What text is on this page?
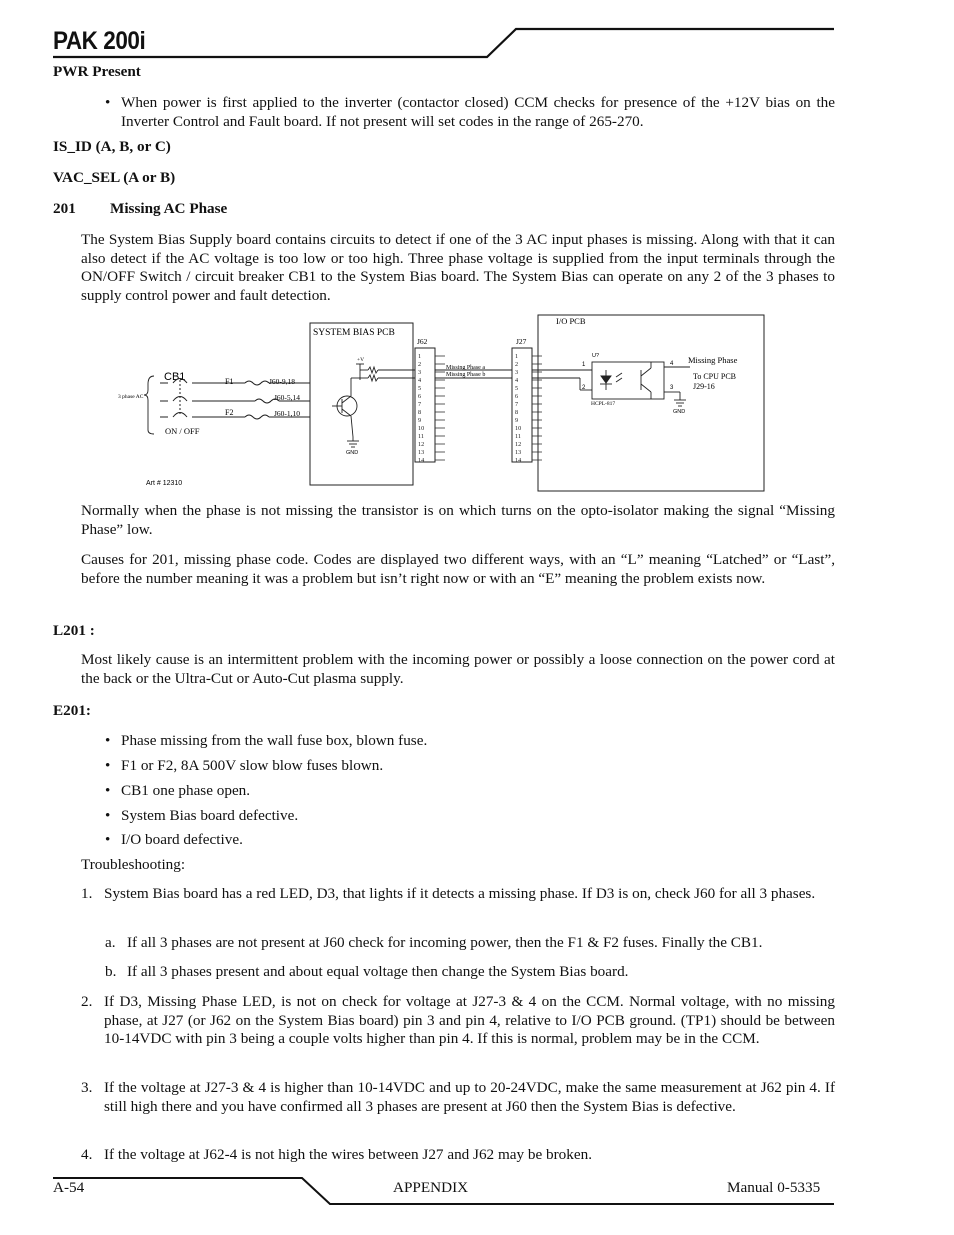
PAK 200i
PWR Present
• When power is first applied to the inverter (contactor closed) CCM checks for presence of the +12V bias on the Inverter Control and Fault board. If not present will set codes in the range of 265-270.
IS_ID (A, B, or C)
VAC_SEL (A or B)
201 Missing AC Phase
The System Bias Supply board contains circuits to detect if one of the 3 AC input phases is missing. Along with that it can also detect if the AC voltage is too low or too high. Three phase voltage is supplied from the input terminals through the ON/OFF Switch / circuit breaker CB1 to the System Bias board. The System Bias can operate on any 2 of the 3 phases to supply control power and fault detection.
1	1
2	2
3	3
4	4
5	5
6	6
7	7
8	8
9	9
10	10
11	11
12	12
13	13
14	14
SYSTEM BIAS PCB
J62	J27
I/O PCB
CB1
3 phase AC
ON / OFF
F1
F2
J60-9,18
J60-5,14
J60-1,10
+V
GND
Missing Phase a
Missing Phase b
U?
1
2	3
4
HCPL-817
Missing Phase
To CPU PCB
J29-16
GND
Art # 12310
Normally when the phase is not missing the transistor is on which turns on the opto-isolator making the signal “Missing Phase” low.
Causes for 201, missing phase code. Codes are displayed two different ways, with an “L” meaning “Latched” or “Last”, before the number meaning it was a problem but isn’t right now or with an “E” meaning the problem exists now.
L201 :
Most likely cause is an intermittent problem with the incoming power or possibly a loose connection on the power cord at the back or the Ultra-Cut or Auto-Cut plasma supply.
E201:
• Phase missing from the wall fuse box, blown fuse.
• F1 or F2, 8A 500V slow blow fuses blown.
• CB1 one phase open.
• System Bias board defective.
• I/O board defective.
Troubleshooting:
1. System Bias board has a red LED, D3, that lights if it detects a missing phase. If D3 is on, check J60 for all 3 phases.
a. If all 3 phases are not present at J60 check for incoming power, then the F1 & F2 fuses. Finally the CB1.
b. If all 3 phases present and about equal voltage then change the System Bias board.
2. If D3, Missing Phase LED, is not on check for voltage at J27-3 & 4 on the CCM. Normal voltage, with no missing phase, at J27 (or J62 on the System Bias board) pin 3 and pin 4, relative to I/O PCB ground. (TP1) should be between 10-14VDC with pin 3 being a couple volts higher than pin 4. If this is normal, problem may be in the CCM.
3. If the voltage at J27-3 & 4 is higher than 10-14VDC and up to 20-24VDC, make the same measurement at J62 pin 4. If still high there and you have confirmed all 3 phases are present at J60 then the System Bias is defective.
4. If the voltage at J62-4 is not high the wires between J27 and J62 may be broken.
A-54	APPENDIX	Manual 0-5335
